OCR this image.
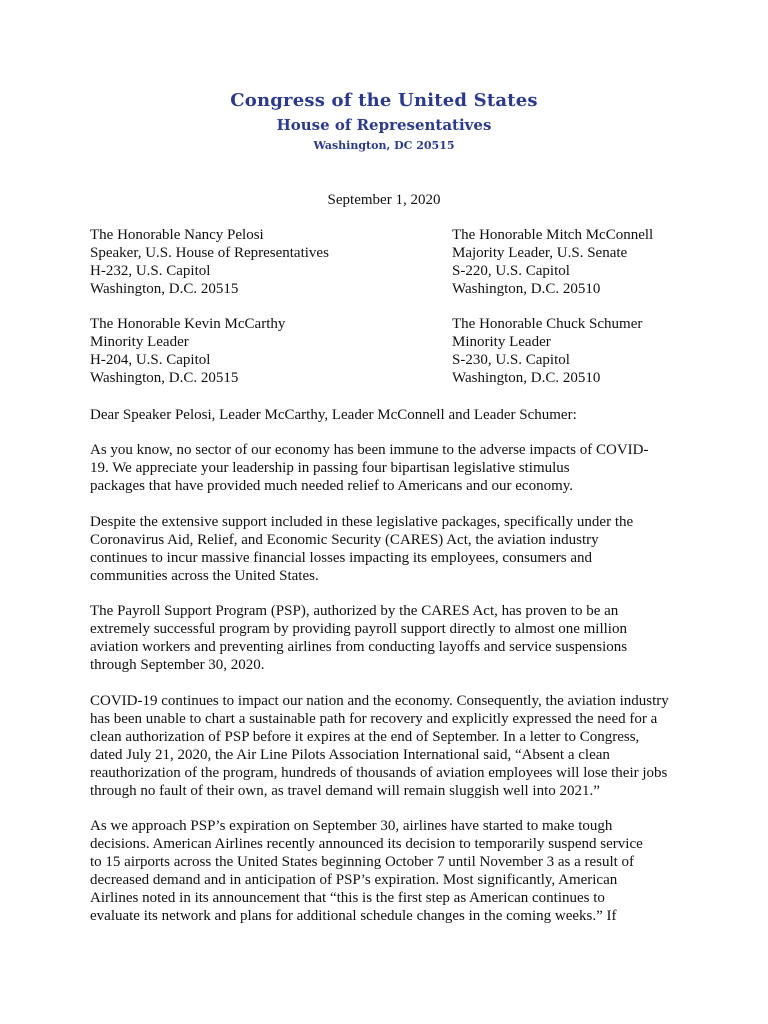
Congress of the United States
House of Representatives
Washington, DC 20515
September 1, 2020
The Honorable Nancy Pelosi
Speaker, U.S. House of Representatives
H-232, U.S. Capitol
Washington, D.C. 20515
The Honorable Mitch McConnell
Majority Leader, U.S. Senate
S-220, U.S. Capitol
Washington, D.C. 20510
The Honorable Kevin McCarthy
Minority Leader
H-204, U.S. Capitol
Washington, D.C. 20515
The Honorable Chuck Schumer
Minority Leader
S-230, U.S. Capitol
Washington, D.C. 20510
Dear Speaker Pelosi, Leader McCarthy, Leader McConnell and Leader Schumer:
As you know, no sector of our economy has been immune to the adverse impacts of COVID-
19. We appreciate your leadership in passing four bipartisan legislative stimulus
packages that have provided much needed relief to Americans and our economy.
Despite the extensive support included in these legislative packages, specifically under the
Coronavirus Aid, Relief, and Economic Security (CARES) Act, the aviation industry
continues to incur massive financial losses impacting its employees, consumers and
communities across the United States.
The Payroll Support Program (PSP), authorized by the CARES Act, has proven to be an
extremely successful program by providing payroll support directly to almost one million
aviation workers and preventing airlines from conducting layoffs and service suspensions
through September 30, 2020.
COVID-19 continues to impact our nation and the economy. Consequently, the aviation industry
has been unable to chart a sustainable path for recovery and explicitly expressed the need for a
clean authorization of PSP before it expires at the end of September. In a letter to Congress,
dated July 21, 2020, the Air Line Pilots Association International said, “Absent a clean
reauthorization of the program, hundreds of thousands of aviation employees will lose their jobs
through no fault of their own, as travel demand will remain sluggish well into 2021.”
As we approach PSP’s expiration on September 30, airlines have started to make tough
decisions. American Airlines recently announced its decision to temporarily suspend service
to 15 airports across the United States beginning October 7 until November 3 as a result of
decreased demand and in anticipation of PSP’s expiration. Most significantly, American
Airlines noted in its announcement that “this is the first step as American continues to
evaluate its network and plans for additional schedule changes in the coming weeks.” If
